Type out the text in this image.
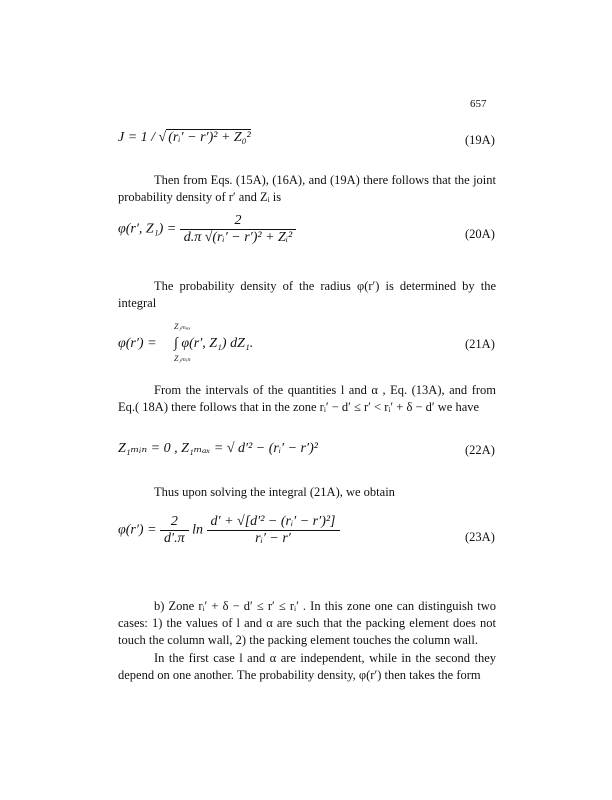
657
J = 1 / √ (rᵢ′ − r′)² + Z₀²	(19A)
Then from Eqs. (15A), (16A), and (19A) there follows that the joint probability density of r′ and Zᵢ is
φ(r′, $Z_1) = \frac{2}{\text{d.π √(rᵢ′ − r′)² + Zᵢ²}}$	(20A)
The probability density of the radius φ(r′) is determined by the integral
Z₁ₘₐₓ
φ(r′) = ∫ φ(r′, Z₁) dZ₁.
Z₁ₘᵢₙ
(21A)
From the intervals of the quantities l and α , Eq. (13A), and from Eq.( 18A) there follows that in the zone rᵢ′ − d′ ≤ r′ < rᵢ′ + δ − d′ we have
Z₁ₘᵢₙ = 0 , Z₁ₘₐₓ = √ d′² − (rᵢ′ − r′)²	(22A)
Thus upon solving the integral (21A), we obtain
$\varphi(r') = \frac{2}{d'.\pi}$ $\ln \frac{\text{d′ + √[d′² − (rᵢ′ − r′)²]}}{\text{rᵢ′ − r′}}$	(23A)
b) Zone rᵢ′ + δ − d′ ≤ r′ ≤ rᵢ′ . In this zone one can distinguish two cases: 1) the values of l and α are such that the packing element does not touch the column wall, 2) the packing element touches the column wall.
In the first case l and α are independent, while in the second they depend on one another. The probability density, φ(r′) then takes the form
